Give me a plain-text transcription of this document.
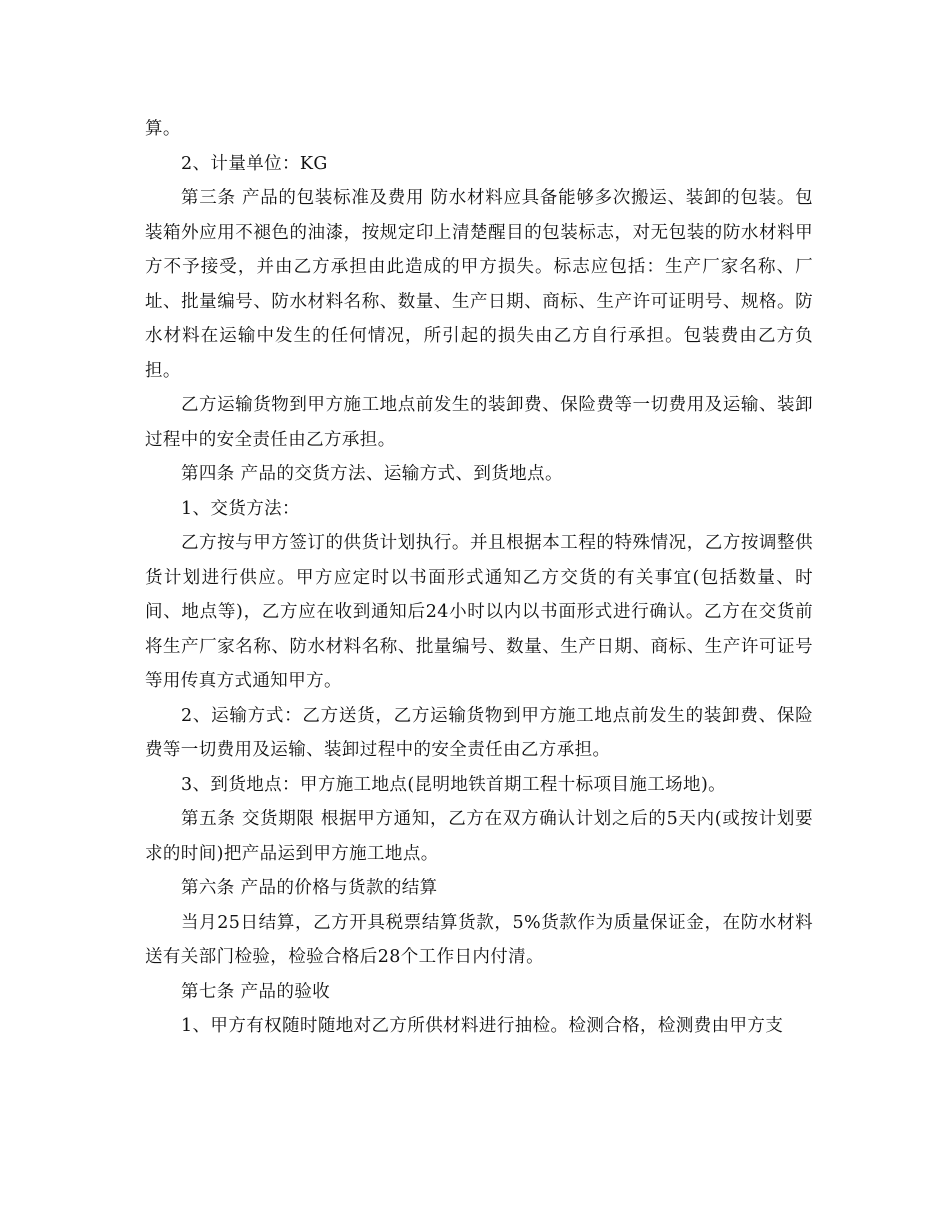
算。

2、计量单位：KG

第三条 产品的包装标准及费用 防水材料应具备能够多次搬运、装卸的包装。包装箱外应用不褪色的油漆，按规定印上清楚醒目的包装标志，对无包装的防水材料甲方不予接受，并由乙方承担由此造成的甲方损失。标志应包括：生产厂家名称、厂址、批量编号、防水材料名称、数量、生产日期、商标、生产许可证明号、规格。防水材料在运输中发生的任何情况，所引起的损失由乙方自行承担。包装费由乙方负担。

乙方运输货物到甲方施工地点前发生的装卸费、保险费等一切费用及运输、装卸过程中的安全责任由乙方承担。

第四条 产品的交货方法、运输方式、到货地点。

1、交货方法：

乙方按与甲方签订的供货计划执行。并且根据本工程的特殊情况，乙方按调整供货计划进行供应。甲方应定时以书面形式通知乙方交货的有关事宜(包括数量、时间、地点等)，乙方应在收到通知后24小时以内以书面形式进行确认。乙方在交货前将生产厂家名称、防水材料名称、批量编号、数量、生产日期、商标、生产许可证号等用传真方式通知甲方。

2、运输方式：乙方送货，乙方运输货物到甲方施工地点前发生的装卸费、保险费等一切费用及运输、装卸过程中的安全责任由乙方承担。

3、到货地点：甲方施工地点(昆明地铁首期工程十标项目施工场地)。

第五条 交货期限 根据甲方通知，乙方在双方确认计划之后的5天内(或按计划要求的时间)把产品运到甲方施工地点。

第六条 产品的价格与货款的结算

当月25日结算，乙方开具税票结算货款，5%货款作为质量保证金，在防水材料送有关部门检验，检验合格后28个工作日内付清。

第七条 产品的验收

1、甲方有权随时随地对乙方所供材料进行抽检。检测合格，检测费由甲方支
